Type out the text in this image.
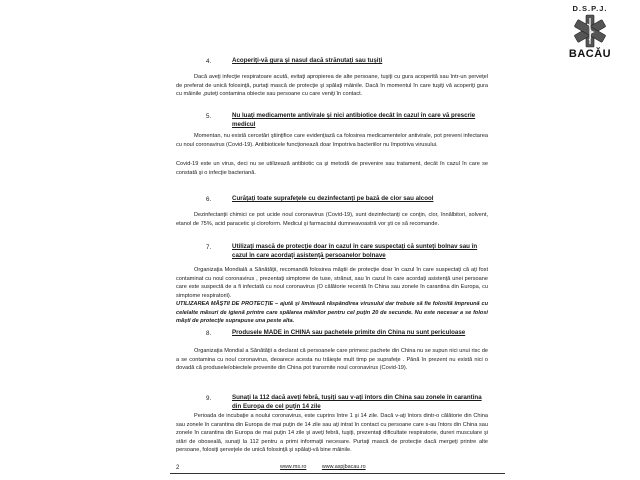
D.S.P.J.
BACĂU
4.	Acoperiţi-vă gura şi nasul dacă strănutaţi sau tuşiţi
Dacă aveţi infecţie respiratoare acută, evitaţi apropierea de alte persoane, tuşiţi cu gura acoperită sau într-un şervețel de preferat de unică folosinţă, purtaţi mască de protecţie şi spălaţi mâinile. Dacă în momentul în care tuşiţi vă acoperiţi gura cu mâinile ,puteţi contamina obiecte sau persoane cu care veniţi în contact.
5.	Nu luaţi medicamente antivirale şi nici antibiotice decât în cazul în care vă prescrie medicul
Momentan, nu există cercetări ştiinţifice care evidenţiază ca folosirea medicamentelor antivirale, pot preveni infectarea cu noul coronavirus (Covid-19). Antibioticele funcţionează doar împotriva bacteriilor nu împotriva virusului.
Covid-19 este un virus, deci nu se utilizează antibiotic ca şi metodă de prevenire sau tratament, decât în cazul în care se constată şi o infecţie bacteriană.
6.	Curăţaţi toate suprafeţele cu dezinfectanţi pe bază de clor sau alcool
Dezinfectanţii chimici ce pot ucide noul coronavirus (Covid-19), sunt dezinfectanţi ce conţin, clor, înnălbitori, solvent, etanol de 75%, acid paracetic şi cloroform. Medicul şi farmacistul dumneavoastră vor şti ce să recomande.
7.	Utilizaţi mască de protecţie doar în cazul în care suspectaţi că sunteţi bolnav sau în cazul în care acordaţi asistenţă persoanelor bolnave
Organizaţia Mondială a Sănătăţii, recomandă folosirea măştii de protecţie doar în cazul în care suspectaţi că aţi fost contaminat cu noul coronavirus , prezentaţi simptome de tuse, strănut, sau în cazul în care acordaţi asistenţă unei persoane care este suspectă de a fi infectată cu noul coronavirus (O călătorie recentă în China sau zonele în carantina din Europa, cu simptome respiratorii).
UTILIZAREA MĂŞTII DE PROTECŢIE – ajută şi limitează răspândirea virusului dar trebuie să fie folosită împreună cu celelalte măsuri de igienă printre care spălarea mâinilor pentru cel puţin 20 de secunde. Nu este necesar a se folosi măşti de protecţie suprapuse una peste alta.
8.	Produsele MADE in CHINA sau pachetele primite din China nu sunt periculoase
Organizaţia Mondial a Sănătăţii a declarat că persoanele care primesc pachete din China nu se supun nici unui risc de a se contamina cu noul coronavirus, deoarece acesta nu trăieşte mult timp pe suprafeţe . Până în prezent nu există nici o dovadă că produsele/obiectele provenite din China pot transmite noul coronavirus (Covid-19).
9.	Sunaţi la 112 dacă aveţi febră, tuşiţi sau v-aţi întors din China sau zonele în carantina din Europa de cel puţin 14 zile
Perioada de incubaţie a noului coronavirus, este cuprins între 1 şi 14 zile. Dacă v-aţi întors dintr-o călătorie din China sau zonele în carantina din Europa de mai puţin de 14 zile sau aţi intrat în contact cu persoane care s-au întors din China sau zonele în carantina din Europa de mai puţin 14 zile şi aveţi febră, tuşiţi, prezentaţi dificultate respiratorie, dureri musculare şi stări de oboseală, sunaţi la 112 pentru a primi informaţii necesare. Purtaţi mască de protecţie dacă mergeţi printre alte persoane, folosiţi şerveţele de unică folosinţă şi spălaţi-vă bine mâinile.
2	www.ms.ro	www.aspjbacau.ro
